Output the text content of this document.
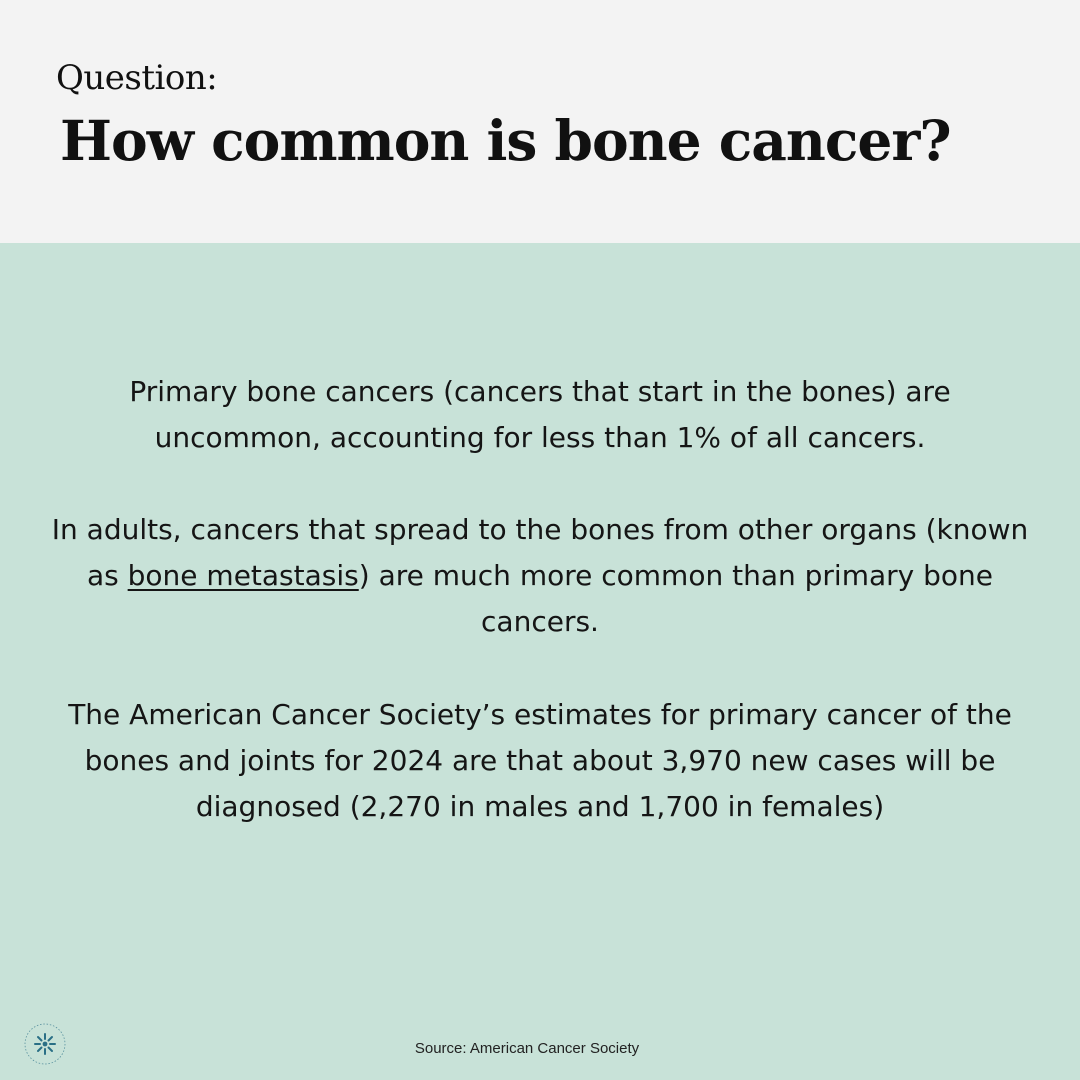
Question:
How common is bone cancer?
Primary bone cancers (cancers that start in the bones) are
uncommon, accounting for less than 1% of all cancers.
In adults, cancers that spread to the bones from other organs (known
as bone metastasis) are much more common than primary bone
cancers.
The American Cancer Society’s estimates for primary cancer of the
bones and joints for 2024 are that about 3,970 new cases will be
diagnosed (2,270 in males and 1,700 in females)
Source: American Cancer Society
